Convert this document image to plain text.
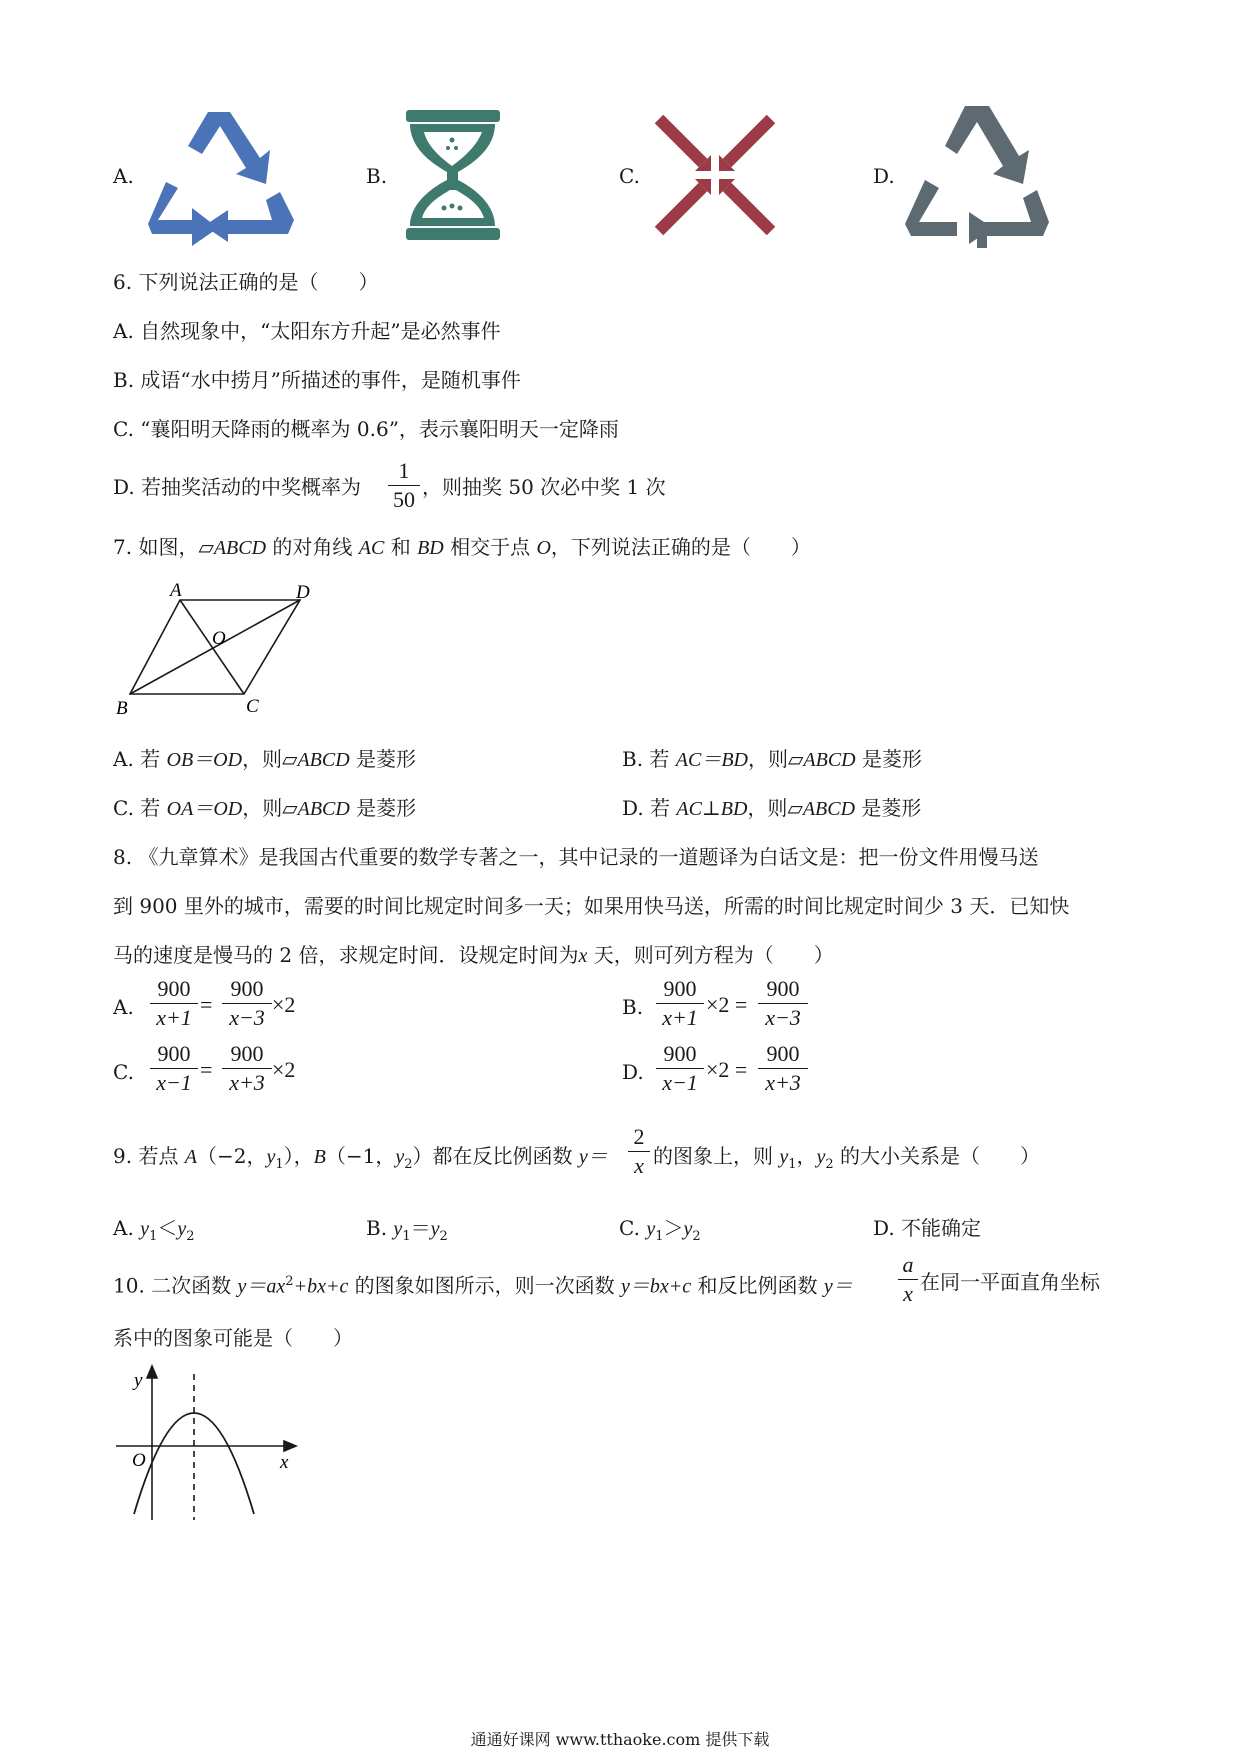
A.	B.	C.	D.
6. 下列说法正确的是（　　）
A. 自然现象中，“太阳东方升起”是必然事件
B. 成语“水中捞月”所描述的事件，是随机事件
C. “襄阳明天降雨的概率为 0.6”，表示襄阳明天一定降雨
D. 若抽奖活动的中奖概率为
1
50 ，则抽奖 50 次必中奖 1 次
7. 如图，▱ABCD 的对角线 AC 和 BD 相交于点 O，下列说法正确的是（　　）
A	D
O
B	C
A. 若 OB＝OD，则▱ABCD 是菱形	B. 若 AC＝BD，则▱ABCD 是菱形
C. 若 OA＝OD，则▱ABCD 是菱形	D. 若 AC⊥BD，则▱ABCD 是菱形
8. 《九章算术》是我国古代重要的数学专著之一，其中记录的一道题译为白话文是：把一份文件用慢马送
到 900 里外的城市，需要的时间比规定时间多一天；如果用快马送，所需的时间比规定时间少 3 天．已知快
马的速度是慢马的 2 倍，求规定时间．设规定时间为x 天，则可列方程为（　　）
A.
900
x+1
=
900
x−3
×2	B.
900
x+1
×2 =
900
x−3
C.
900
x−1
=
900
x+3
×2	D.
900
x−1
×2 =
900
x+3
9. 若点 A（−2，$y_1$），B（−1，$y_2$）都在反比例函数 y＝
2
x 的图象上，则 $y_1$，$y_2$ 的大小关系是（　　）
A. $y_1<y_2$	B. $y_1=y_2$	C. $y_1>y_2$	D. 不能确定
10. 二次函数 $y=ax^2+bx+c$ 的图象如图所示，则一次函数 y＝bx+c 和反比例函数 y＝
a
x 在同一平面直角坐标
系中的图象可能是（　　）
y
O	x
通通好课网 www.tthaoke.com 提供下载
